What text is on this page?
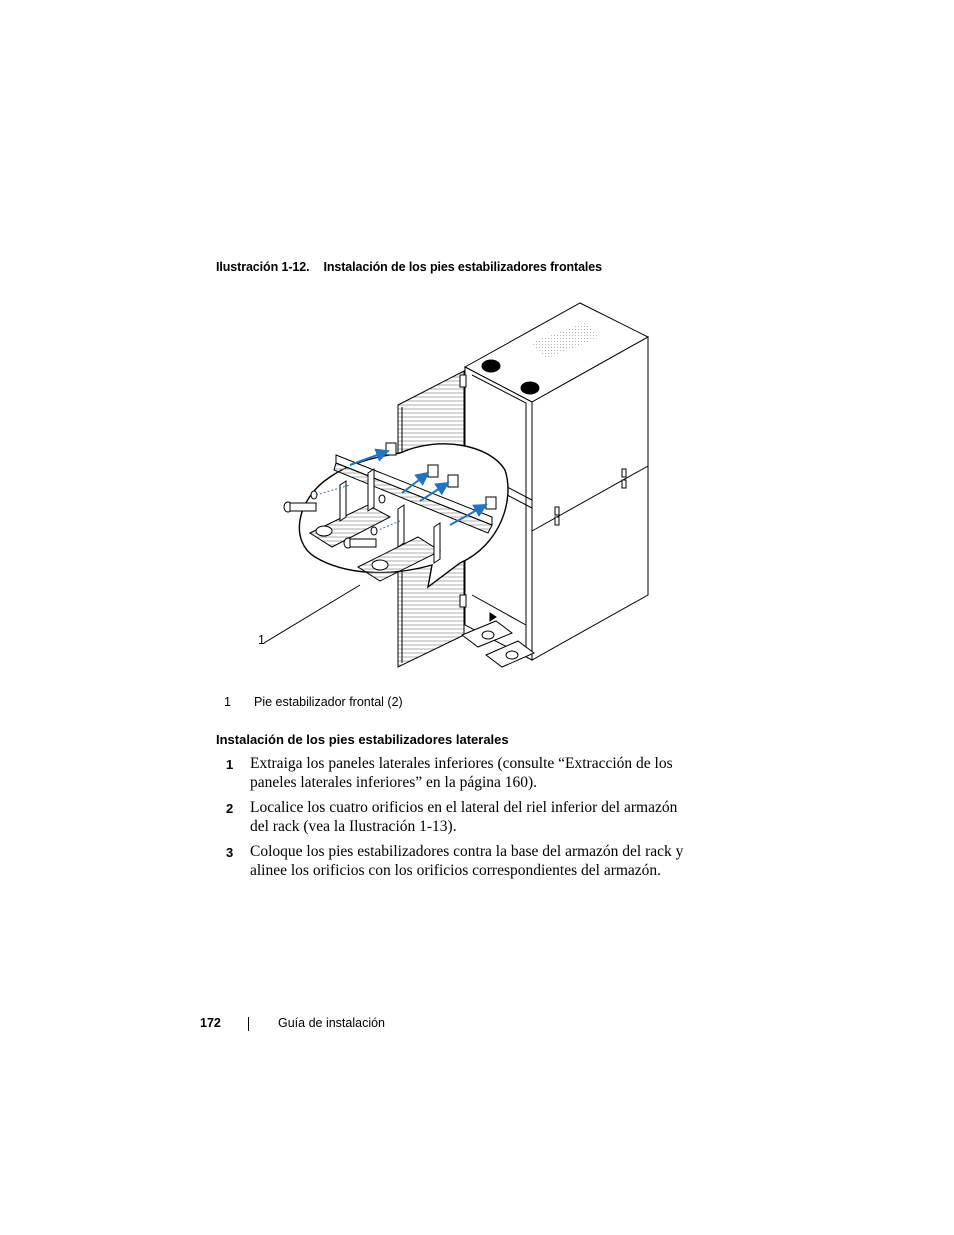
Ilustración 1-12. Instalación de los pies estabilizadores frontales
1
1 Pie estabilizador frontal (2)
Instalación de los pies estabilizadores laterales
1 Extraiga los paneles laterales inferiores (consulte “Extracción de los paneles laterales inferiores” en la página 160).
2 Localice los cuatro orificios en el lateral del riel inferior del armazón del rack (vea la Ilustración 1-13).
3 Coloque los pies estabilizadores contra la base del armazón del rack y alinee los orificios con los orificios correspondientes del armazón.
172	Guía de instalación
